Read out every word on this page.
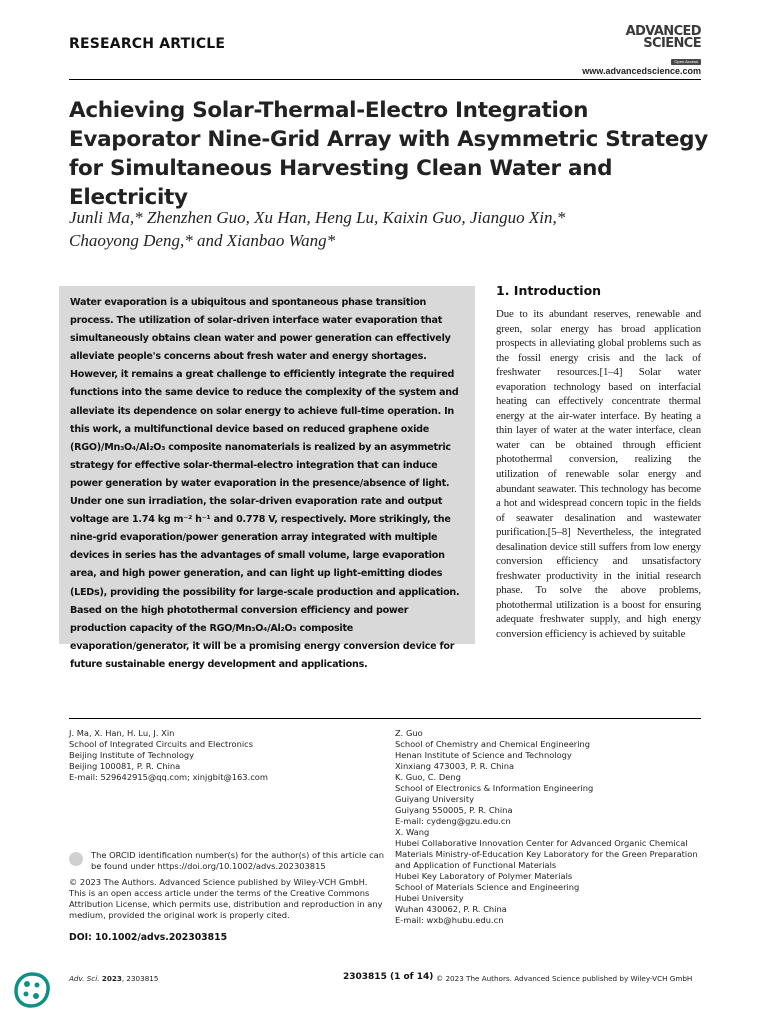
RESEARCH ARTICLE
ADVANCED
SCIENCE
Open Access
www.advancedscience.com
Achieving Solar-Thermal-Electro Integration Evaporator Nine-Grid Array with Asymmetric Strategy for Simultaneous Harvesting Clean Water and Electricity
Junli Ma,* Zhenzhen Guo, Xu Han, Heng Lu, Kaixin Guo, Jianguo Xin,*
Chaoyong Deng,* and Xianbao Wang*

Water evaporation is a ubiquitous and spontaneous phase transition process. The utilization of solar-driven interface water evaporation that simultaneously obtains clean water and power generation can effectively alleviate people's concerns about fresh water and energy shortages. However, it remains a great challenge to efficiently integrate the required functions into the same device to reduce the complexity of the system and alleviate its dependence on solar energy to achieve full-time operation. In this work, a multifunctional device based on reduced graphene oxide (RGO)/Mn₃O₄/Al₂O₃ composite nanomaterials is realized by an asymmetric strategy for effective solar-thermal-electro integration that can induce power generation by water evaporation in the presence/absence of light. Under one sun irradiation, the solar-driven evaporation rate and output voltage are 1.74 kg m⁻² h⁻¹ and 0.778 V, respectively. More strikingly, the nine-grid evaporation/power generation array integrated with multiple devices in series has the advantages of small volume, large evaporation area, and high power generation, and can light up light-emitting diodes (LEDs), providing the possibility for large-scale production and application. Based on the high photothermal conversion efficiency and power production capacity of the RGO/Mn₃O₄/Al₂O₃ composite evaporation/generator, it will be a promising energy conversion device for future sustainable energy development and applications.

1. Introduction
Due to its abundant reserves, renewable and green, solar energy has broad application prospects in alleviating global problems such as the fossil energy crisis and the lack of freshwater resources.[1–4] Solar water evaporation technology based on interfacial heating can effectively concentrate thermal energy at the air-water interface. By heating a thin layer of water at the water interface, clean water can be obtained through efficient photothermal conversion, realizing the utilization of renewable solar energy and abundant seawater. This technology has become a hot and widespread concern topic in the fields of seawater desalination and wastewater purification.[5–8] Nevertheless, the integrated desalination device still suffers from low energy conversion efficiency and unsatisfactory freshwater productivity in the initial research phase. To solve the above problems, photothermal utilization is a boost for ensuring adequate freshwater supply, and high energy conversion efficiency is achieved by suitable
J. Ma, X. Han, H. Lu, J. Xin
School of Integrated Circuits and Electronics
Beijing Institute of Technology
Beijing 100081, P. R. China
E-mail: 529642915@qq.com; xinjgbit@163.com
Z. Guo
School of Chemistry and Chemical Engineering
Henan Institute of Science and Technology
Xinxiang 473003, P. R. China
K. Guo, C. Deng
School of Electronics & Information Engineering
Guiyang University
Guiyang 550005, P. R. China
E-mail: cydeng@gzu.edu.cn
X. Wang
Hubei Collaborative Innovation Center for Advanced Organic Chemical
Materials Ministry-of-Education Key Laboratory for the Green Preparation
and Application of Functional Materials
Hubei Key Laboratory of Polymer Materials
School of Materials Science and Engineering
Hubei University
Wuhan 430062, P. R. China
E-mail: wxb@hubu.edu.cn
The ORCID identification number(s) for the author(s) of this article can be found under https://doi.org/10.1002/advs.202303815
© 2023 The Authors. Advanced Science published by Wiley-VCH GmbH. This is an open access article under the terms of the Creative Commons Attribution License, which permits use, distribution and reproduction in any medium, provided the original work is properly cited.
DOI: 10.1002/advs.202303815
Adv. Sci. 2023, 2303815	2303815 (1 of 14) © 2023 The Authors. Advanced Science published by Wiley-VCH GmbH
